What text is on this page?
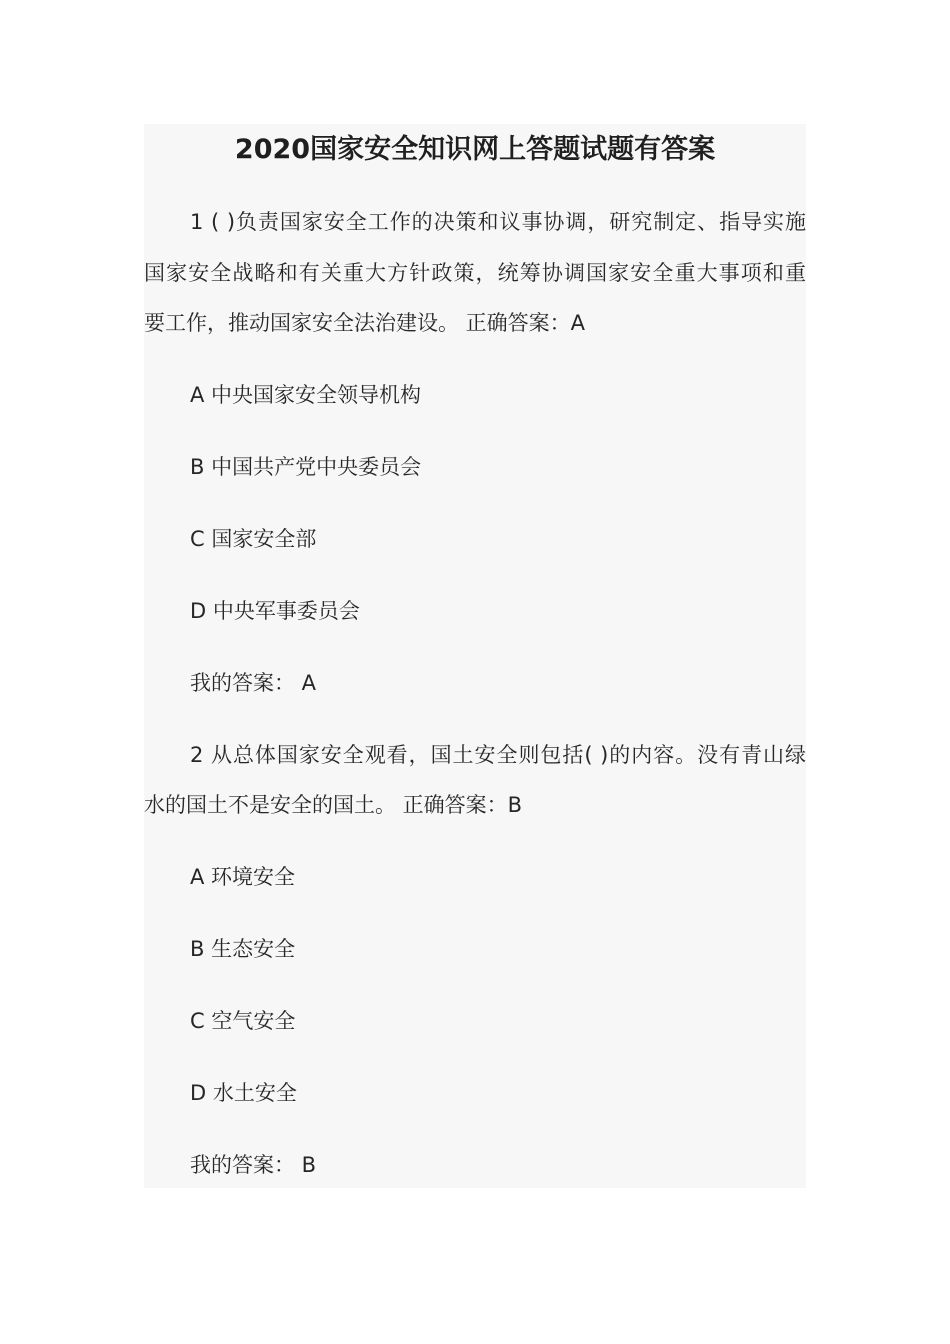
2020国家安全知识网上答题试题有答案
1 ( )负责国家安全工作的决策和议事协调，研究制定、指导实施
国家安全战略和有关重大方针政策，统筹协调国家安全重大事项和重
要工作，推动国家安全法治建设。 正确答案：A
A 中央国家安全领导机构
B 中国共产党中央委员会
C 国家安全部
D 中央军事委员会
我的答案： A
2 从总体国家安全观看，国土安全则包括( )的内容。没有青山绿
水的国土不是安全的国土。 正确答案：B
A 环境安全
B 生态安全
C 空气安全
D 水土安全
我的答案： B
